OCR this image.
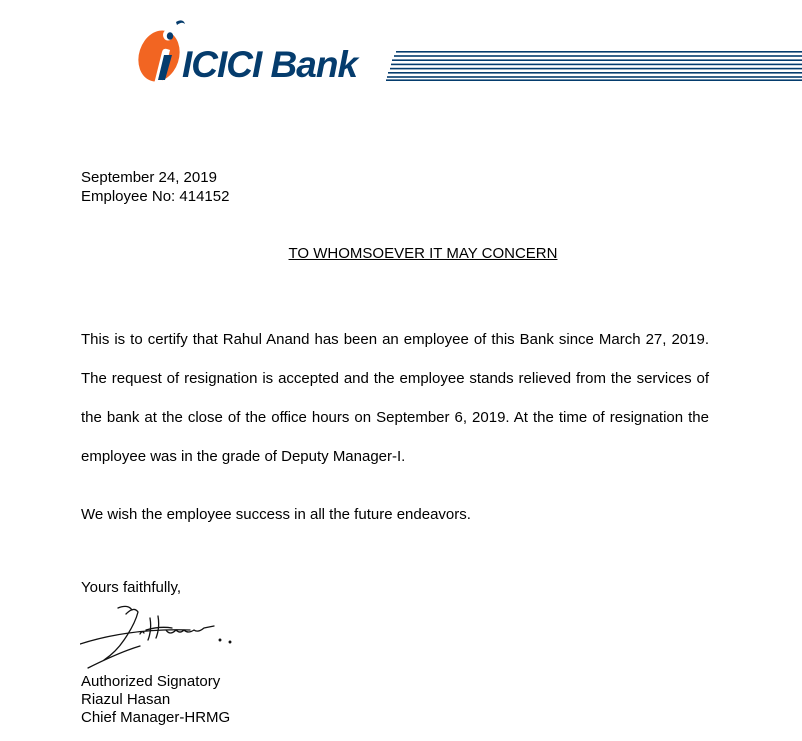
ICICI Bank
September 24, 2019
Employee No: 414152
TO WHOMSOEVER IT MAY CONCERN
This is to certify that Rahul Anand has been an employee of this Bank since March 27, 2019. The request of resignation is accepted and the employee stands relieved from the services of the bank at the close of the office hours on September 6, 2019. At the time of resignation the employee was in the grade of Deputy Manager-I.
We wish the employee success in all the future endeavors.
Yours faithfully,
Authorized Signatory
Riazul Hasan
Chief Manager-HRMG
